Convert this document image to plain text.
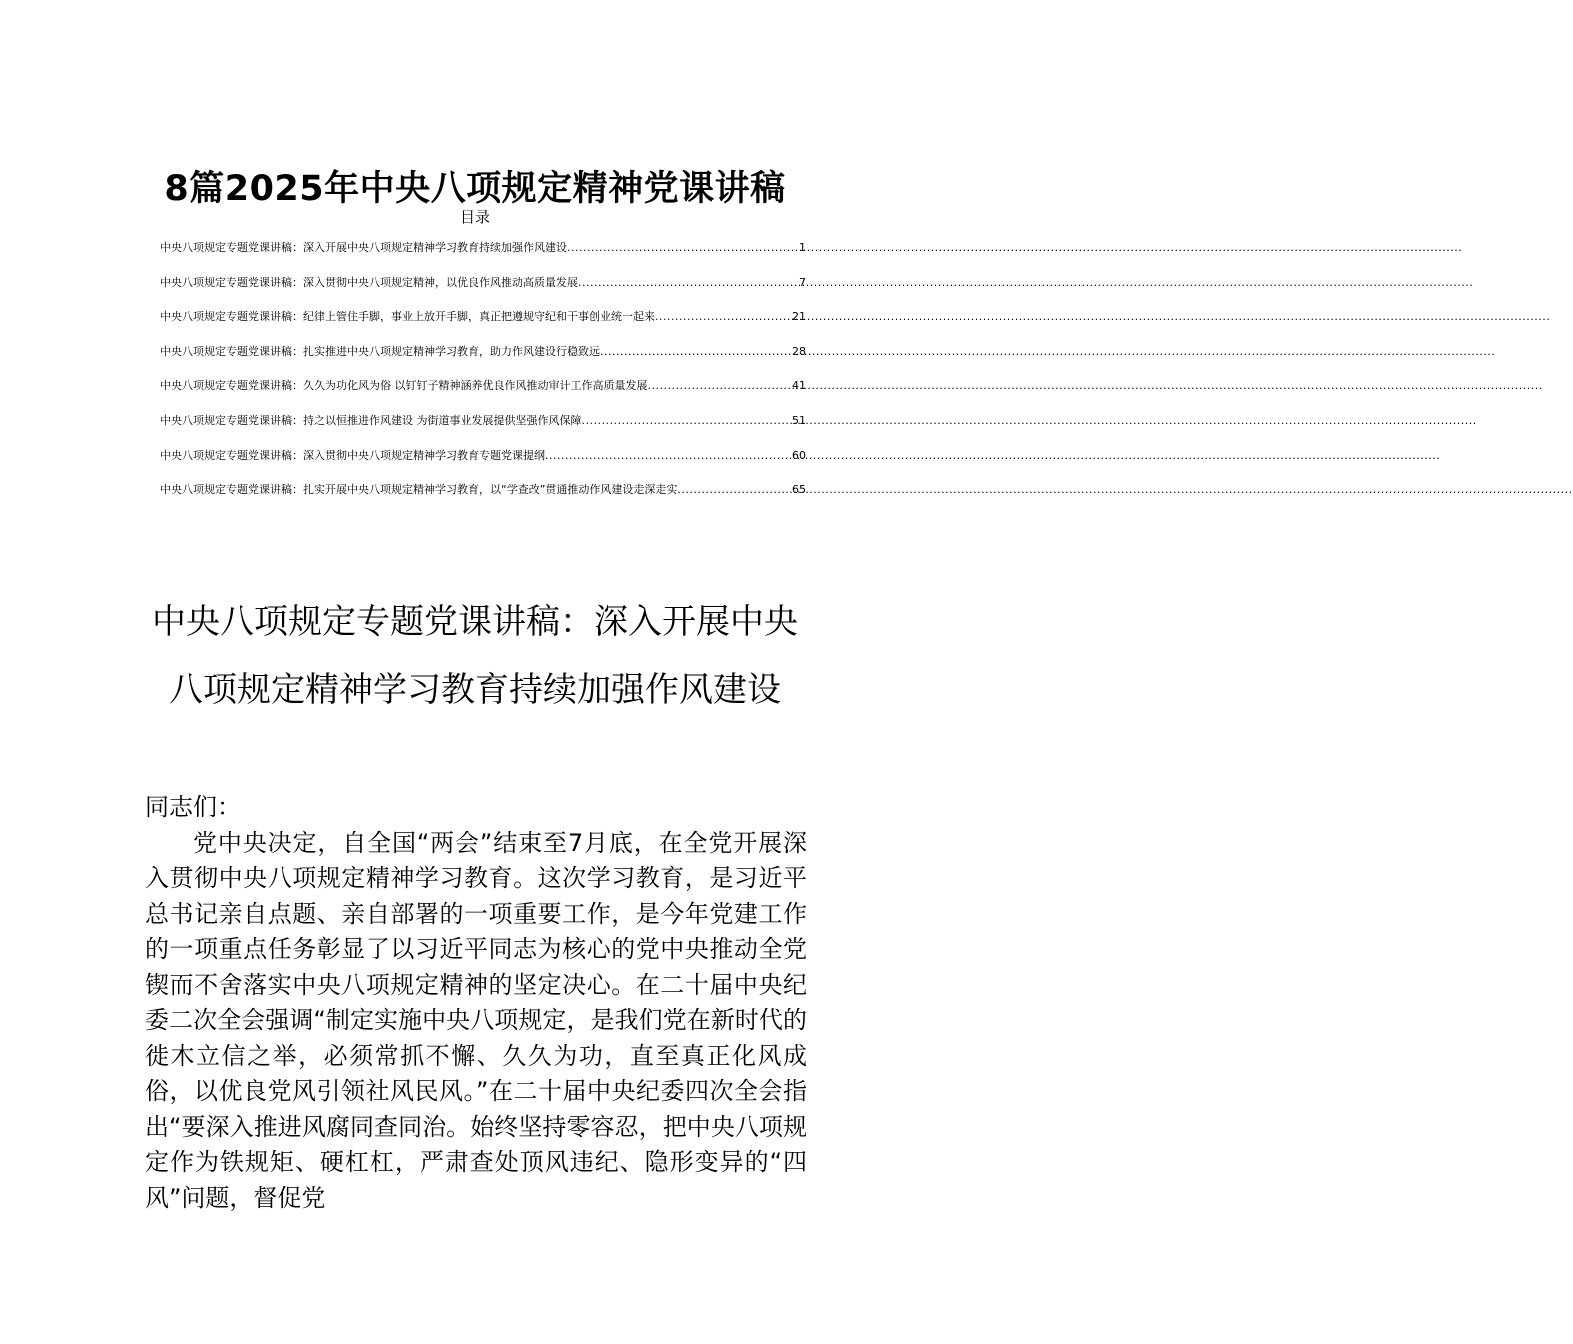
8篇2025年中央八项规定精神党课讲稿
目录
中央八项规定专题党课讲稿：深入开展中央八项规定精神学习教育持续加强作风建设 .....	1
中央八项规定专题党课讲稿：深入贯彻中央八项规定精神，以优良作风推动高质量发展 .....	7
中央八项规定专题党课讲稿：纪律上管住手脚，事业上放开手脚，真正把遵规守纪和干事创业统一起来 .....	21
中央八项规定专题党课讲稿：扎实推进中央八项规定精神学习教育，助力作风建设行稳致远 .....	28
中央八项规定专题党课讲稿：久久为功化风为俗 以钉钉子精神涵养优良作风推动审计工作高质量发展 .....	41
中央八项规定专题党课讲稿：持之以恒推进作风建设 为街道事业发展提供坚强作风保障 .....	51
中央八项规定专题党课讲稿：深入贯彻中央八项规定精神学习教育专题党课提纲 .....	60
中央八项规定专题党课讲稿：扎实开展中央八项规定精神学习教育，以“学查改”贯通推动作风建设走深走实 .....	65
中央八项规定专题党课讲稿：深入开展中央八项规定精神学习教育持续加强作风建设

同志们：

党中央决定，自全国“两会”结束至7月底，在全党开展深入贯彻中央八项规定精神学习教育。这次学习教育，是习近平总书记亲自点题、亲自部署的一项重要工作，是今年党建工作的一项重点任务彰显了以习近平同志为核心的党中央推动全党锲而不舍落实中央八项规定精神的坚定决心。在二十届中央纪委二次全会强调“制定实施中央八项规定，是我们党在新时代的徙木立信之举，必须常抓不懈、久久为功，直至真正化风成俗，以优良党风引领社风民风。”在二十届中央纪委四次全会指出“要深入推进风腐同查同治。始终坚持零容忍，把中央八项规定作为铁规矩、硬杠杠，严肃查处顶风违纪、隐形变异的“四风”问题，督促党
